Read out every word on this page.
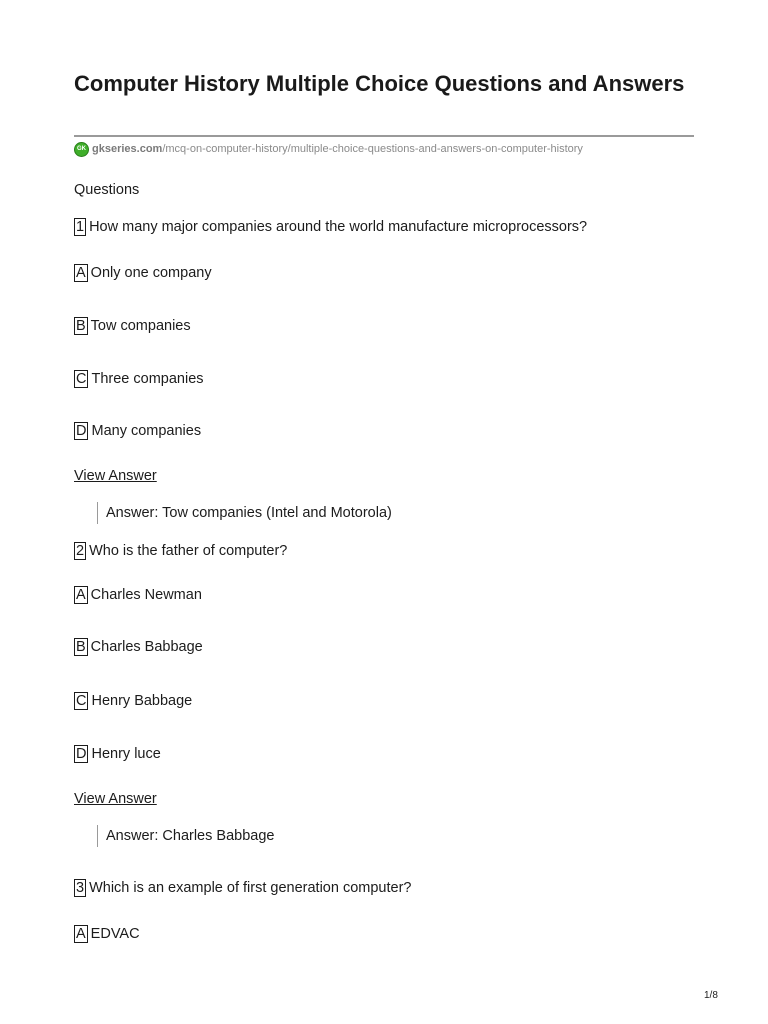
Computer History Multiple Choice Questions and Answers
GK gkseries.com /mcq-on-computer-history/multiple-choice-questions-and-answers-on-computer-history
Questions
1 How many major companies around the world manufacture microprocessors?
A Only one company
B Tow companies
C Three companies
D Many companies
View Answer
Answer: Tow companies (Intel and Motorola)
2 Who is the father of computer?
A Charles Newman
B Charles Babbage
C Henry Babbage
D Henry luce
View Answer
Answer: Charles Babbage
3 Which is an example of first generation computer?
A EDVAC
1/8
